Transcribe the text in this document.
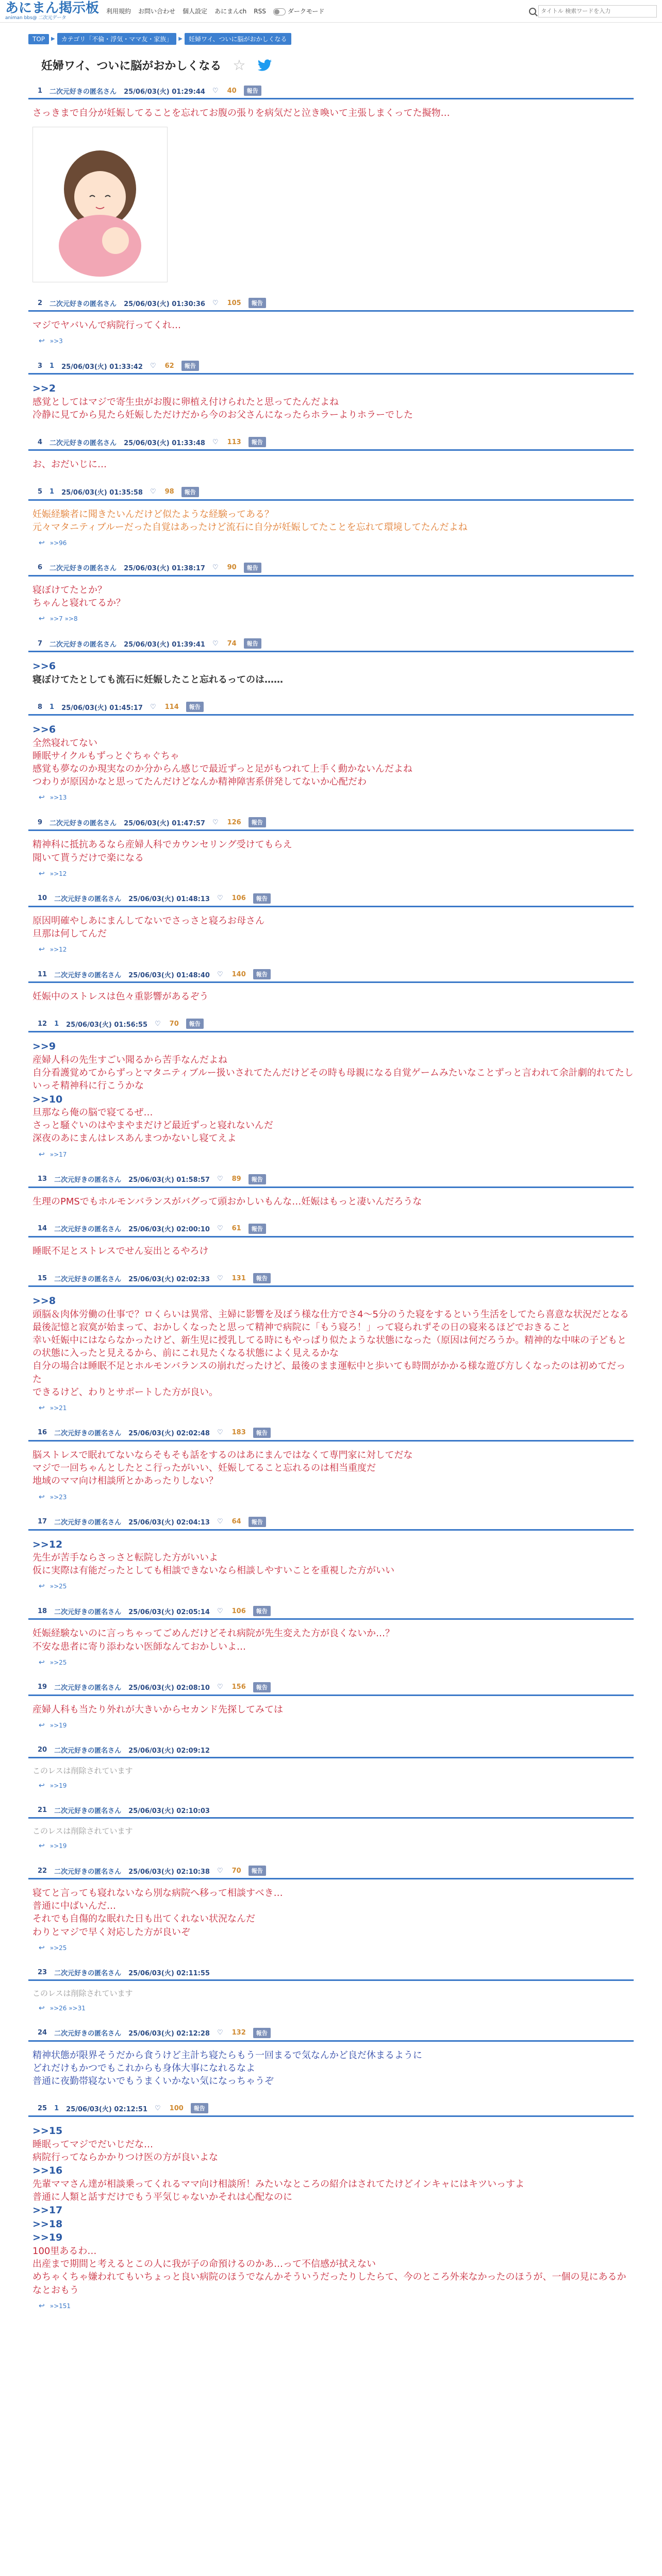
あにまん掲示板
animan bbs@ 二次元データ
利用規約 お問い合わせ 個人設定 あにまんch RSS	ダークモード
タイトル 検索ワードを入力
TOP	▶	カテゴリ「不倫・浮気・ママ友・家族」	▶	妊婦ワイ、ついに脳がおかしくなる
妊婦ワイ、ついに脳がおかしくなる ☆
1 二次元好きの匿名さん 25/06/03(火) 01:29:44 ♡ 40	報告
さっきまで自分が妊娠してることを忘れてお腹の張りを病気だと泣き喚いて主張しまくってた擬物…
2 二次元好きの匿名さん 25/06/03(火) 01:30:36 ♡ 105	報告
マジでヤバいんで病院行ってくれ…
↩ »>3
3 1 25/06/03(火) 01:33:42 ♡ 62	報告
>>2
感覚としてはマジで寄生虫がお腹に卵植え付けられたと思ってたんだよね
冷静に見てから見たら妊娠しただけだから今のお父さんになったらホラーよりホラーでした
4 二次元好きの匿名さん 25/06/03(火) 01:33:48 ♡ 113	報告
お、おだいじに…
5 1 25/06/03(火) 01:35:58 ♡ 98	報告
妊娠経験者に聞きたいんだけど似たような経験ってある？
元々マタニティブルーだった自覚はあったけど流石に自分が妊娠してたことを忘れて環境してたんだよね
↩ »>96
6 二次元好きの匿名さん 25/06/03(火) 01:38:17 ♡ 90	報告
寝ぼけてたとか？
ちゃんと寝れてるか？
↩ »>7 »>8
7 二次元好きの匿名さん 25/06/03(火) 01:39:41 ♡ 74	報告
>>6
寝ぼけてたとしても流石に妊娠したこと忘れるってのは……
8 1 25/06/03(火) 01:45:17 ♡ 114	報告
>>6
全然寝れてない
睡眠サイクルもずっとぐちゃぐちゃ
感覚も夢なのか現実なのか分からん感じで最近ずっと足がもつれて上手く動かないんだよね
つわりが原因かなと思ってたんだけどなんか精神障害系併発してないか心配だわ
↩ »>13
9 二次元好きの匿名さん 25/06/03(火) 01:47:57 ♡ 126	報告
精神科に抵抗あるなら産婦人科でカウンセリング受けてもらえ
聞いて貰うだけで楽になる
↩ »>12
10 二次元好きの匿名さん 25/06/03(火) 01:48:13 ♡ 106	報告
原因明確やしあにまんしてないでさっさと寝ろお母さん
旦那は何してんだ
↩ »>12
11 二次元好きの匿名さん 25/06/03(火) 01:48:40 ♡ 140	報告
妊娠中のストレスは色々重影響があるぞう
12 1 25/06/03(火) 01:56:55 ♡ 70	報告
>>9
産婦人科の先生すごい聞るから苦手なんだよね
自分看護覚めてからずっとマタニティブルー扱いされてたんだけどその時も母親になる自覚ゲームみたいなことずっと言われて余計劇的れてたし
いっそ精神科に行こうかな
>>10
旦那なら俺の脳で寝てるぜ…
さっと騒ぐいのはやまやまだけど最近ずっと寝れないんだ
深夜のあにまんはレスあんまつかないし寝てえよ
↩ »>17
13 二次元好きの匿名さん 25/06/03(火) 01:58:57 ♡ 89	報告
生理のPMSでもホルモンバランスがバグって頭おかしいもんな…妊娠はもっと凄いんだろうな
14 二次元好きの匿名さん 25/06/03(火) 02:00:10 ♡ 61	報告
睡眠不足とストレスでせん妄出とるやろけ
15 二次元好きの匿名さん 25/06/03(火) 02:02:33 ♡ 131	報告
>>8
頭脳＆肉体労働の仕事で？ロくらいは異常、主婦に影響を及ぼう様な仕方でさ4〜5分のうた寝をするという生活をしてたら喜意な状況だとなる
最後記憶と寂寞が始まって、おかしくなったと思って精神で病院に「もう寝ろ！」って寝られずその日の寝来るほどでおきること
幸い妊娠中にはならなかったけど、新生児に授乳してる時にもやっぱり似たような状態になった（原因は何だろうか。精神的な中味の子どもとの状態に入ったと見えるから、前にこれ見たくなる状態によく見えるかな
自分の場合は睡眠不足とホルモンバランスの崩れだったけど、最後のまま運転中と歩いても時間がかかる様な遊び方しくなったのは初めてだった
できるけど、わりとサポートした方が良い。
↩ »>21
16 二次元好きの匿名さん 25/06/03(火) 02:02:48 ♡ 183	報告
脳ストレスで眠れてないならそもそも話をするのはあにまんではなくて専門家に対してだな
マジで一回ちゃんとしたとこ行ったがいい、妊娠してること忘れるのは相当重度だ
地域のママ向け相談所とかあったりしない？
↩ »>23
17 二次元好きの匿名さん 25/06/03(火) 02:04:13 ♡ 64	報告
>>12
先生が苦手ならさっさと転院した方がいいよ
仮に実際は有能だったとしても相談できないなら相談しやすいことを重視した方がいい
↩ »>25
18 二次元好きの匿名さん 25/06/03(火) 02:05:14 ♡ 106	報告
妊娠経験ないのに言っちゃってごめんだけどそれ病院が先生変えた方が良くないか…？
不安な患者に寄り添わない医師なんておかしいよ…
↩ »>25
19 二次元好きの匿名さん 25/06/03(火) 02:08:10 ♡ 156	報告
産婦人科も当たり外れが大きいからセカンド先探してみては
↩ »>19
20 二次元好きの匿名さん 25/06/03(火) 02:09:12
このレスは削除されています
↩ »>19
21 二次元好きの匿名さん 25/06/03(火) 02:10:03
このレスは削除されています
↩ »>19
22 二次元好きの匿名さん 25/06/03(火) 02:10:38 ♡ 70	報告
寝てと言っても寝れないなら別な病院へ移って相談すべき…
普通に中ばいんだ…
それでも自傷的な眠れた日も出てくれない状況なんだ
わりとマジで早く対応した方が良いぞ
↩ »>25
23 二次元好きの匿名さん 25/06/03(火) 02:11:55
このレスは削除されています
↩ »>26 »>31
24 二次元好きの匿名さん 25/06/03(火) 02:12:28 ♡ 132	報告
精神状態が限界そうだから食うけど主計ち寝たらもう一回まるで気なんかど良だ休まるように
どれだけもかつでもこれからも身体大事になれるなよ
普通に夜勤帯寝ないでもうまくいかない気になっちゃうぞ
25 1 25/06/03(火) 02:12:51 ♡ 100	報告
>>15
睡眠ってマジでだいじだな…
病院行ってならかかりつけ医の方が良いよな
>>16
先輩ママさん達が相談乗ってくれるママ向け相談所！みたいなところの紹介はされてたけどインキャにはキツいっすよ
普通に人類と話すだけでもう平気じゃないかそれは心配なのに
>>17
>>18
>>19
100里あるわ…
出産まで期間と考えるとこの人に我が子の命預けるのかあ…って不信感が拭えない
めちゃくちゃ嫌われてもいちょっと良い病院のほうでなんかそういうだったりしたらて、今のところ外来なかったのほうが、一個の見にあるかなとおもう
↩ »>151
